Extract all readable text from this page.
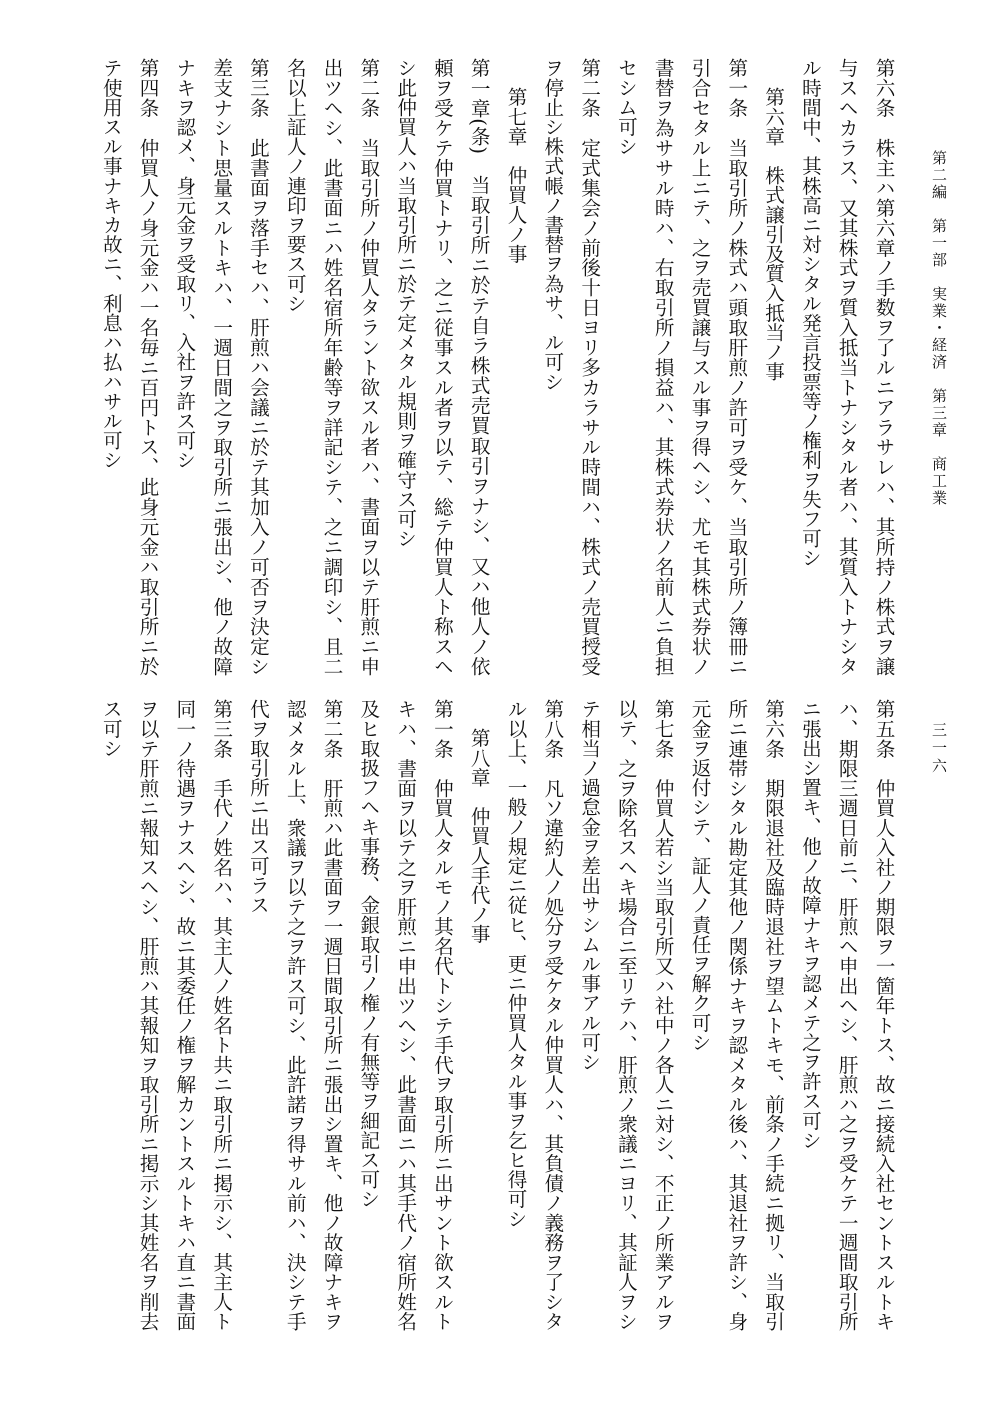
第二編　第一部　実業・経済　第三章　商工業
三一六

第六条　株主ハ第六章ノ手数ヲ了ルニアラサレハ、其所持ノ株式ヲ譲与スヘカラス、又其株式ヲ質入抵当トナシタル者ハ、其質入トナシタル時間中、其株高ニ対シタル発言投票等ノ権利ヲ失フ可シ

第六章　株式譲引及質入抵当ノ事

第一条　当取引所ノ株式ハ頭取肝煎ノ許可ヲ受ケ、当取引所ノ簿冊ニ引合セタル上ニテ、之ヲ売買譲与スル事ヲ得ヘシ、尤モ其株式券状ノ書替ヲ為ササル時ハ、右取引所ノ損益ハ、其株式券状ノ名前人ニ負担セシム可シ

第二条　定式集会ノ前後十日ヨリ多カラサル時間ハ、株式ノ売買授受ヲ停止シ株式帳ノ書替ヲ為サ、ル可シ

第七章　仲買人ノ事

第一章(条)　当取引所ニ於テ自ラ株式売買取引ヲナシ、又ハ他人ノ依頼ヲ受ケテ仲買トナリ、之ニ従事スル者ヲ以テ、総テ仲買人ト称スヘシ此仲買人ハ当取引所ニ於テ定メタル規則ヲ確守ス可シ

第二条　当取引所ノ仲買人タラント欲スル者ハ、書面ヲ以テ肝煎ニ申出ツヘシ、此書面ニハ姓名宿所年齢等ヲ詳記シテ、之ニ調印シ、且二名以上証人ノ連印ヲ要ス可シ

第三条　此書面ヲ落手セハ、肝煎ハ会議ニ於テ其加入ノ可否ヲ決定シ差支ナシト思量スルトキハ、一週日間之ヲ取引所ニ張出シ、他ノ故障ナキヲ認メ、身元金ヲ受取リ、入社ヲ許ス可シ

第四条　仲買人ノ身元金ハ一名毎ニ百円トス、此身元金ハ取引所ニ於テ使用スル事ナキカ故ニ、利息ハ払ハサル可シ

第五条　仲買人入社ノ期限ヲ一箇年トス、故ニ接続入社セントスルトキハ、期限三週日前ニ、肝煎ヘ申出ヘシ、肝煎ハ之ヲ受ケテ一週間取引所ニ張出シ置キ、他ノ故障ナキヲ認メテ之ヲ許ス可シ

第六条　期限退社及臨時退社ヲ望ムトキモ、前条ノ手続ニ拠リ、当取引所ニ連帯シタル勘定其他ノ関係ナキヲ認メタル後ハ、其退社ヲ許シ、身元金ヲ返付シテ、証人ノ責任ヲ解ク可シ

第七条　仲買人若シ当取引所又ハ社中ノ各人ニ対シ、不正ノ所業アルヲ以テ、之ヲ除名スヘキ場合ニ至リテハ、肝煎ノ衆議ニヨリ、其証人ヲシテ相当ノ過怠金ヲ差出サシムル事アル可シ

第八条　凡ソ違約人ノ処分ヲ受ケタル仲買人ハ、其負債ノ義務ヲ了シタル以上、一般ノ規定ニ従ヒ、更ニ仲買人タル事ヲ乞ヒ得可シ

第八章　仲買人手代ノ事

第一条　仲買人タルモノ其名代トシテ手代ヲ取引所ニ出サント欲スルトキハ、書面ヲ以テ之ヲ肝煎ニ申出ツヘシ、此書面ニハ其手代ノ宿所姓名及ヒ取扱フヘキ事務、金銀取引ノ権ノ有無等ヲ細記ス可シ

第二条　肝煎ハ此書面ヲ一週日間取引所ニ張出シ置キ、他ノ故障ナキヲ認メタル上、衆議ヲ以テ之ヲ許ス可シ、此許諾ヲ得サル前ハ、決シテ手代ヲ取引所ニ出ス可ラス

第三条　手代ノ姓名ハ、其主人ノ姓名ト共ニ取引所ニ掲示シ、其主人ト同一ノ待遇ヲナスヘシ、故ニ其委任ノ権ヲ解カントスルトキハ直ニ書面ヲ以テ肝煎ニ報知スヘシ、肝煎ハ其報知ヲ取引所ニ掲示シ其姓名ヲ削去ス可シ
